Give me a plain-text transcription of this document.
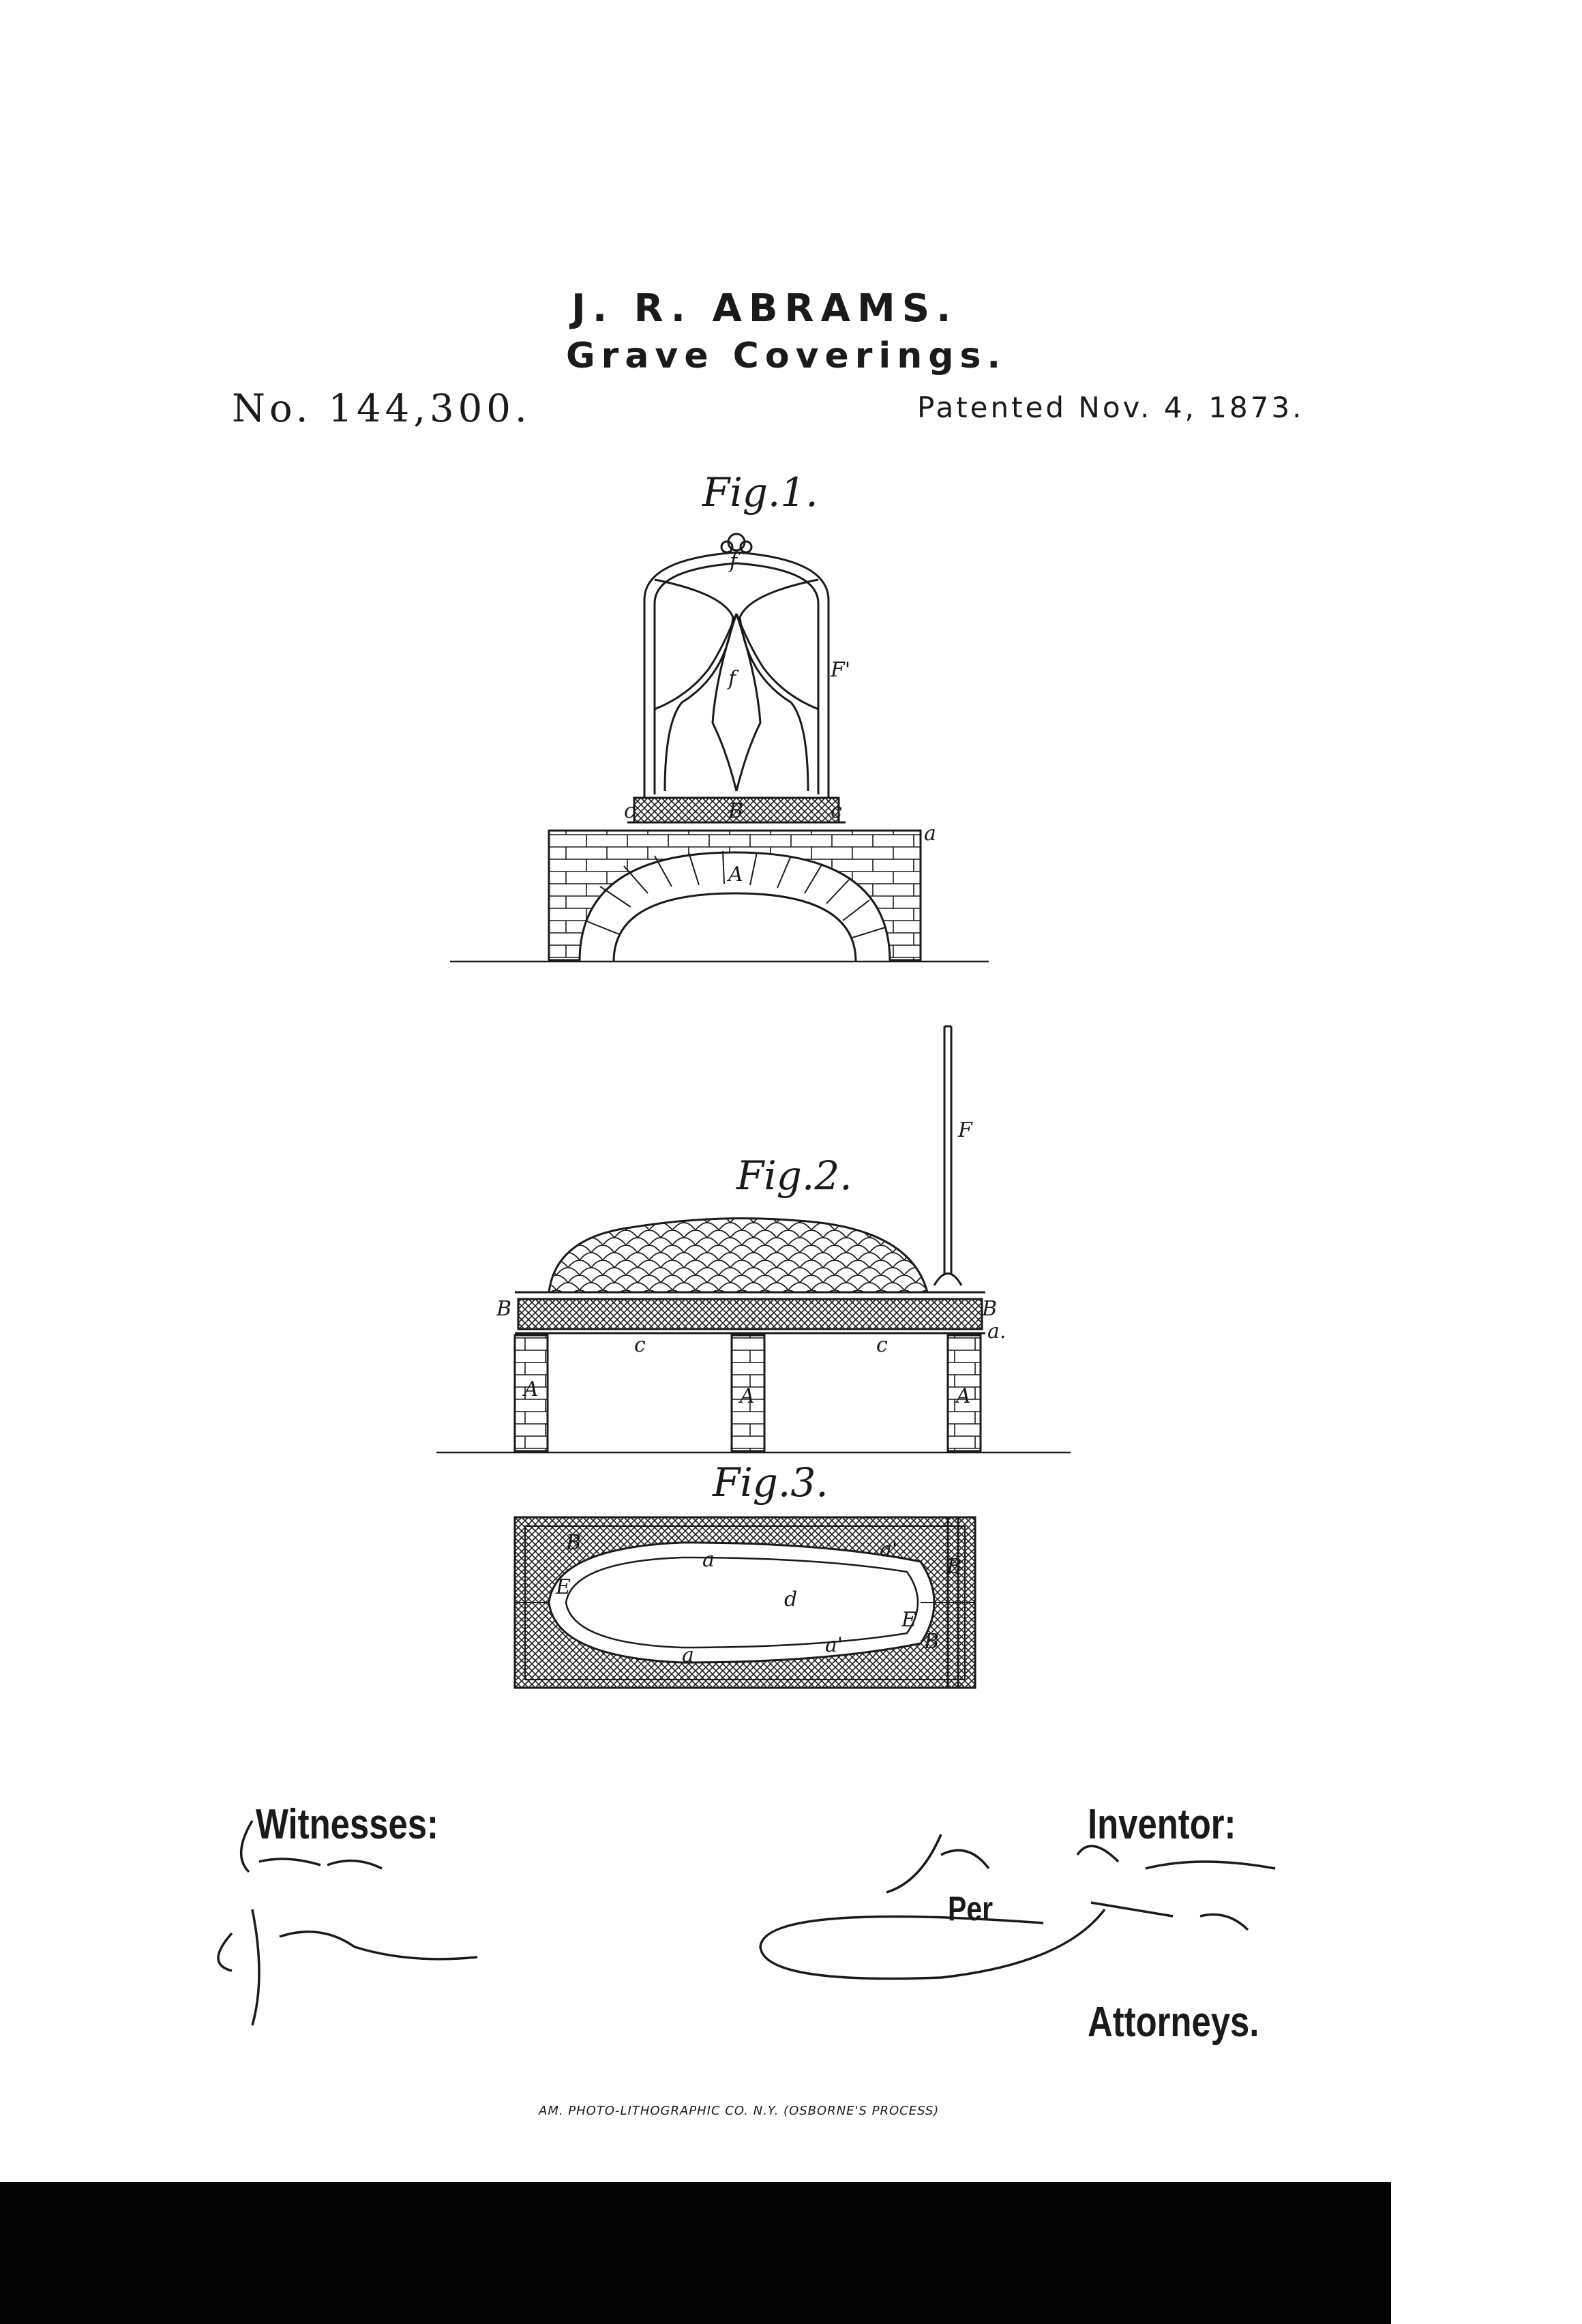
J. R. ABRAMS.
Grave Coverings.
No. 144,300.	Patented Nov. 4, 1873.
Fig.1.
f
f	F'
c	B	c
a
A
Fig.2.
F
B	B
a.
c	c
A	A	A
Fig.3.
B
E
a	a'
d
a	a'
E
B
B
Witnesses:	Inventor:
Per
Attorneys.
AM. PHOTO-LITHOGRAPHIC CO. N.Y. (OSBORNE'S PROCESS)
